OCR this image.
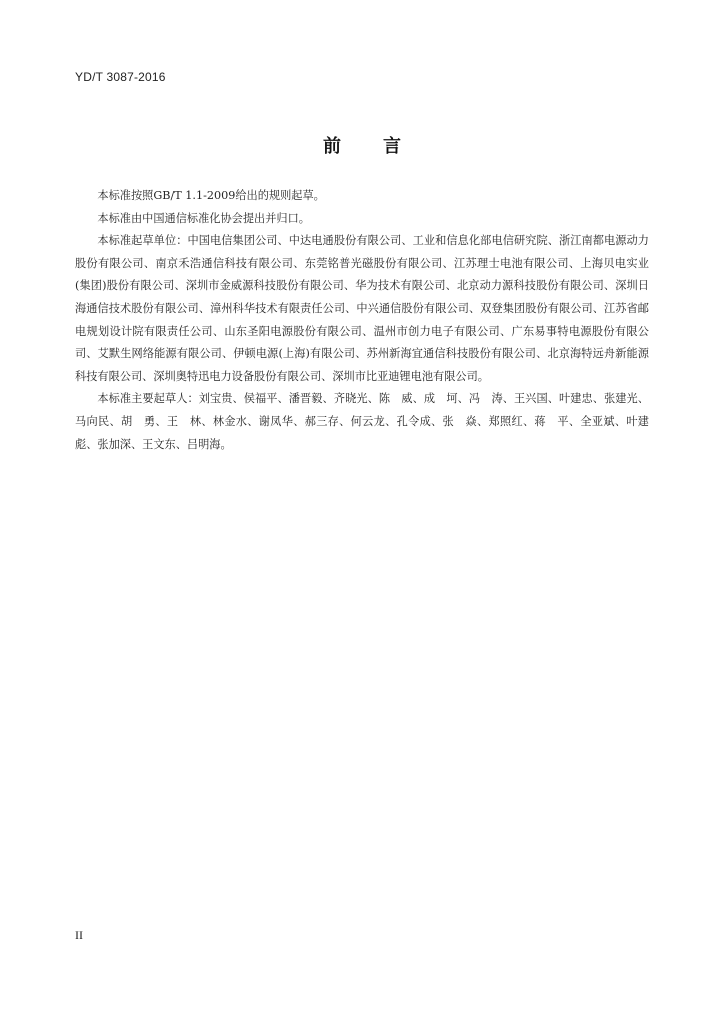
YD/T 3087-2016
前 言

本标准按照GB/T 1.1-2009给出的规则起草。

本标准由中国通信标准化协会提出并归口。

本标准起草单位：中国电信集团公司、中达电通股份有限公司、工业和信息化部电信研究院、浙江南都电源动力股份有限公司、南京禾浩通信科技有限公司、东莞铭普光磁股份有限公司、江苏理士电池有限公司、上海贝电实业(集团)股份有限公司、深圳市金威源科技股份有限公司、华为技术有限公司、北京动力源科技股份有限公司、深圳日海通信技术股份有限公司、漳州科华技术有限责任公司、中兴通信股份有限公司、双登集团股份有限公司、江苏省邮电规划设计院有限责任公司、山东圣阳电源股份有限公司、温州市创力电子有限公司、广东易事特电源股份有限公司、艾默生网络能源有限公司、伊顿电源(上海)有限公司、苏州新海宜通信科技股份有限公司、北京海特远舟新能源科技有限公司、深圳奥特迅电力设备股份有限公司、深圳市比亚迪锂电池有限公司。

本标准主要起草人：刘宝贵、侯福平、潘晋毅、齐晓光、陈　威、成　坷、冯　涛、王兴国、叶建忠、张建光、马向民、胡　勇、王　林、林金水、谢凤华、郝三存、何云龙、孔令成、张　焱、郑照红、蒋　平、全亚斌、叶建彪、张加深、王文东、吕明海。

II
